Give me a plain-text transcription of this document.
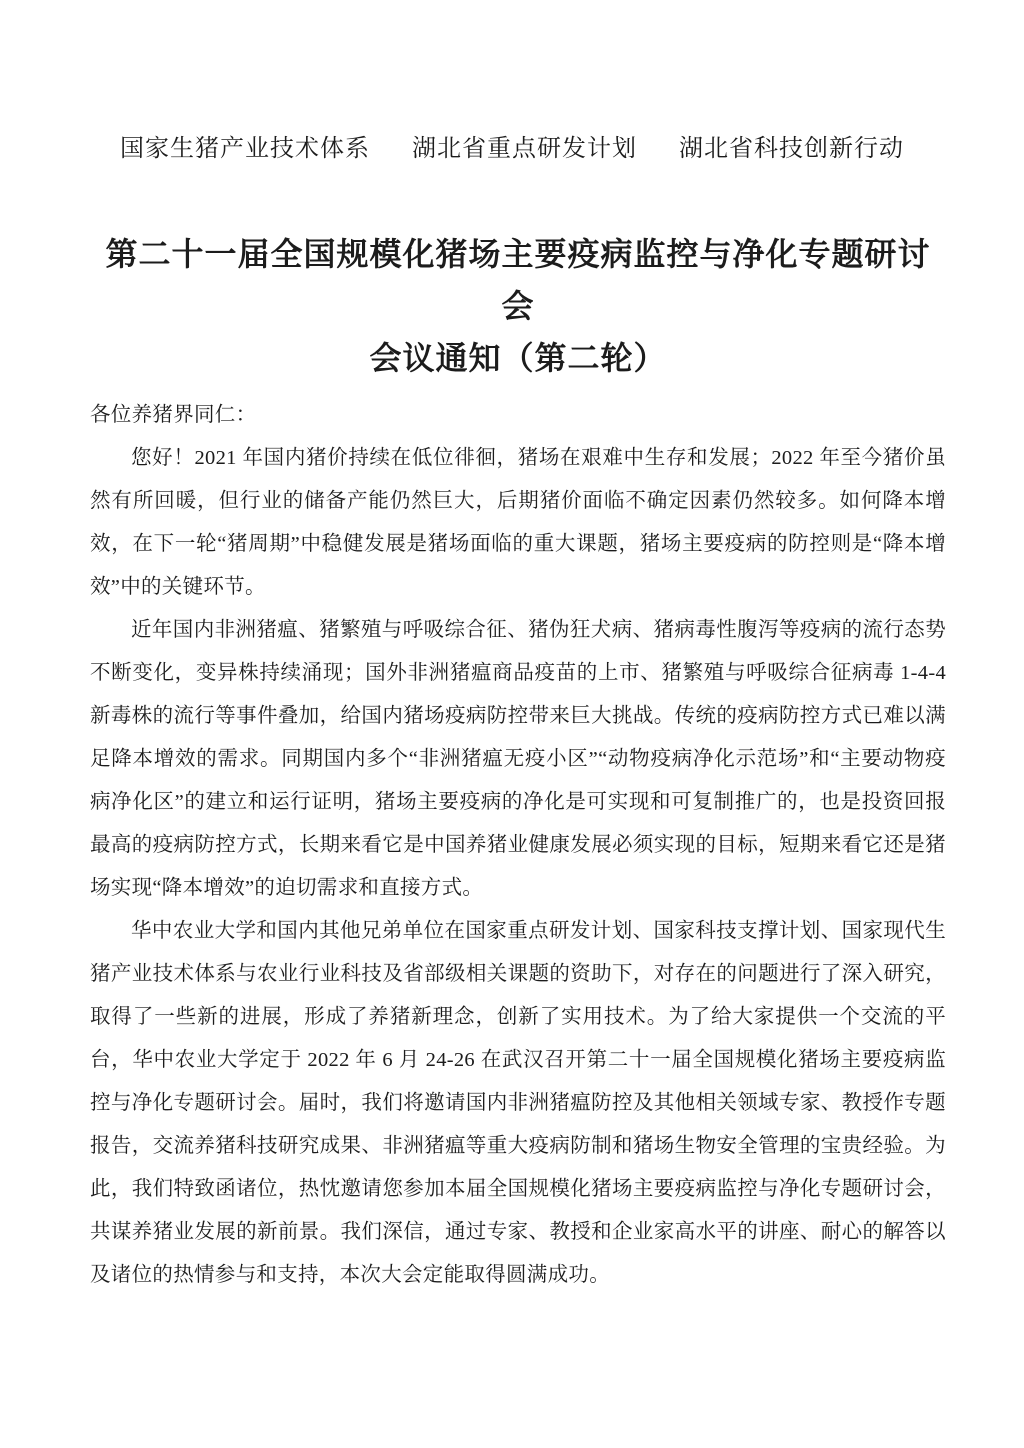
国家生猪产业技术体系 湖北省重点研发计划 湖北省科技创新行动
第二十一届全国规模化猪场主要疫病监控与净化专题研讨会
会议通知（第二轮）

各位养猪界同仁：

您好！2021 年国内猪价持续在低位徘徊，猪场在艰难中生存和发展；2022 年至今猪价虽然有所回暖，但行业的储备产能仍然巨大，后期猪价面临不确定因素仍然较多。如何降本增效，在下一轮“猪周期”中稳健发展是猪场面临的重大课题，猪场主要疫病的防控则是“降本增效”中的关键环节。

近年国内非洲猪瘟、猪繁殖与呼吸综合征、猪伪狂犬病、猪病毒性腹泻等疫病的流行态势不断变化，变异株持续涌现；国外非洲猪瘟商品疫苗的上市、猪繁殖与呼吸综合征病毒 1-4-4 新毒株的流行等事件叠加，给国内猪场疫病防控带来巨大挑战。传统的疫病防控方式已难以满足降本增效的需求。同期国内多个“非洲猪瘟无疫小区”“动物疫病净化示范场”和“主要动物疫病净化区”的建立和运行证明，猪场主要疫病的净化是可实现和可复制推广的，也是投资回报最高的疫病防控方式，长期来看它是中国养猪业健康发展必须实现的目标，短期来看它还是猪场实现“降本增效”的迫切需求和直接方式。

华中农业大学和国内其他兄弟单位在国家重点研发计划、国家科技支撑计划、国家现代生猪产业技术体系与农业行业科技及省部级相关课题的资助下，对存在的问题进行了深入研究，取得了一些新的进展，形成了养猪新理念，创新了实用技术。为了给大家提供一个交流的平台，华中农业大学定于 2022 年 6 月 24-26 在武汉召开第二十一届全国规模化猪场主要疫病监控与净化专题研讨会。届时，我们将邀请国内非洲猪瘟防控及其他相关领域专家、教授作专题报告，交流养猪科技研究成果、非洲猪瘟等重大疫病防制和猪场生物安全管理的宝贵经验。为此，我们特致函诸位，热忱邀请您参加本届全国规模化猪场主要疫病监控与净化专题研讨会，共谋养猪业发展的新前景。我们深信，通过专家、教授和企业家高水平的讲座、耐心的解答以及诸位的热情参与和支持，本次大会定能取得圆满成功。
